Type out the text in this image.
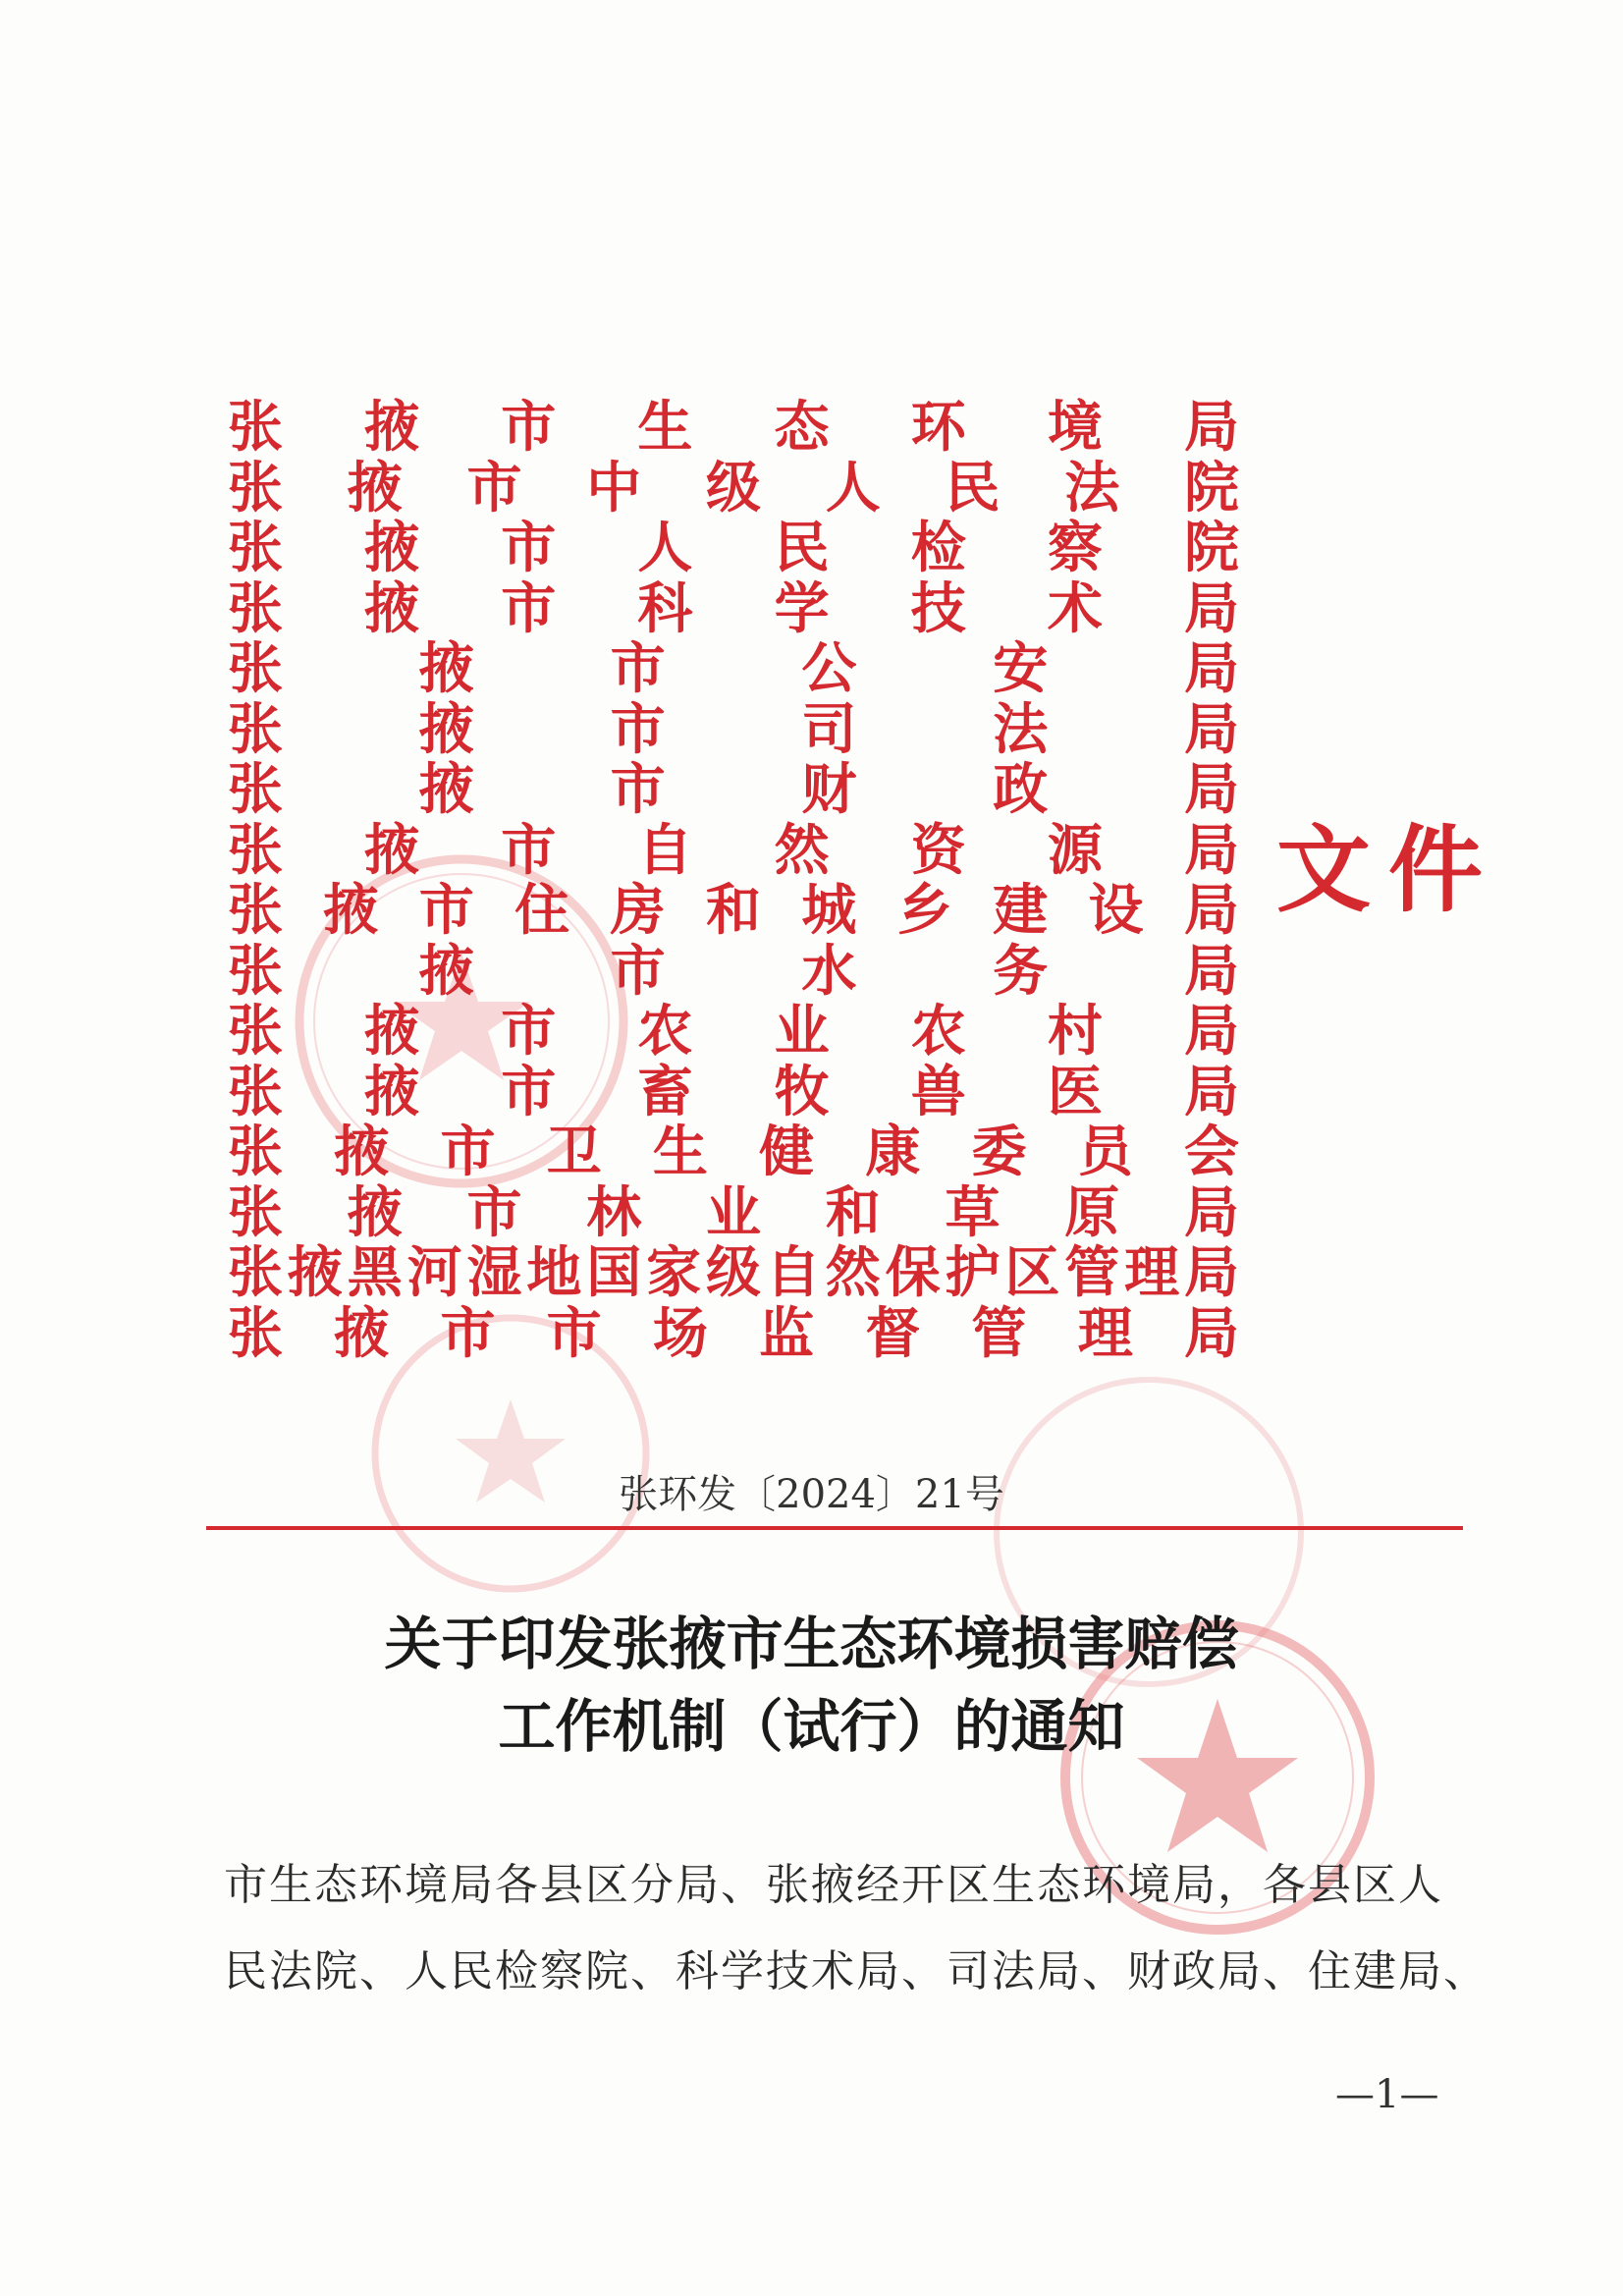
张 掖 市 生 态 环 境 局
张 掖 市 中 级 人 民 法 院
张 掖 市 人 民 检 察 院
张 掖 市 科 学 技 术 局
张 掖 市 公 安 局
张 掖 市 司 法 局
张 掖 市 财 政 局
张 掖 市 自 然 资 源 局
张 掖 市 住 房 和 城 乡 建 设 局
张 掖 市 水 务 局
张 掖 市 农 业 农 村 局
张 掖 市 畜 牧 兽 医 局
张 掖 市 卫 生 健 康 委 员 会
张 掖 市 林 业 和 草 原 局
张 掖 黑 河 湿 地 国 家 级 自 然 保 护 区 管 理 局
张 掖 市 市 场 监 督 管 理 局
文件
张环发〔2024〕21号
关于印发张掖市生态环境损害赔偿
工作机制（试行）的通知
市生态环境局各县区分局、张掖经开区生态环境局，各县区人
民法院、人民检察院、科学技术局、司法局、财政局、住建局、
—1—
